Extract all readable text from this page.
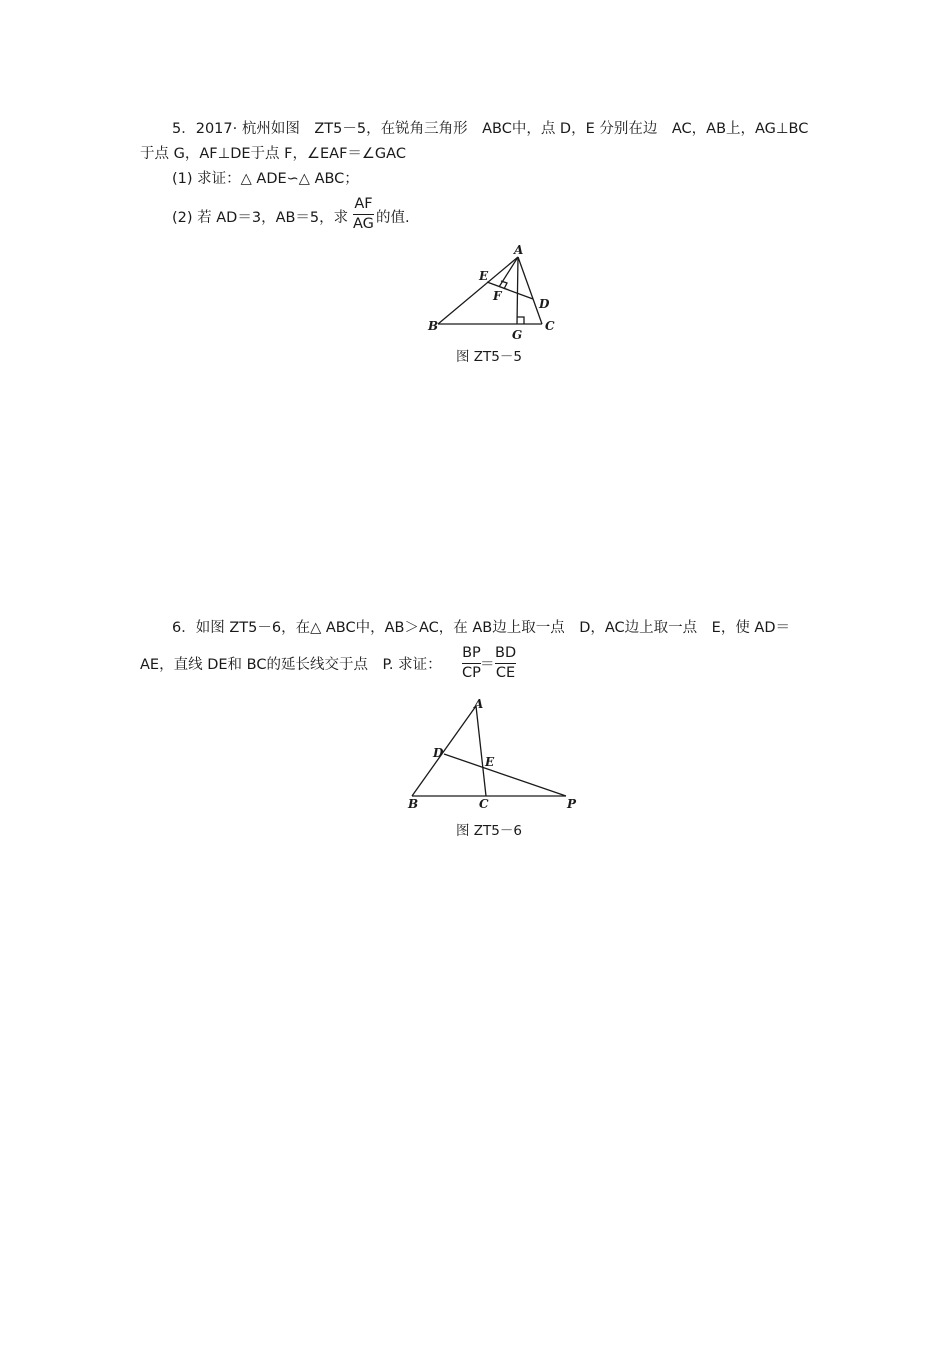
5．2017· 杭州如图　ZT5－5，在锐角三角形　ABC中，点 D，E 分别在边　AC，AB上，AG⊥BC
于点 G，AF⊥DE于点 F，∠EAF＝∠GAC
(1) 求证：△ ADE∽△ ABC；
(2) 若 AD＝3，AB＝5，求
AF
AG 的值.
A
B	C
D
E
F
G
图 ZT5－5
6．如图 ZT5－6，在△ ABC中，AB＞AC，在 AB边上取一点　D，AC边上取一点　E，使 AD＝
AE，直线 DE和 BC的延长线交于点　P. 求证：
BP
CP ＝
BD
CE
A
B	C
D
E
P
图 ZT5－6
